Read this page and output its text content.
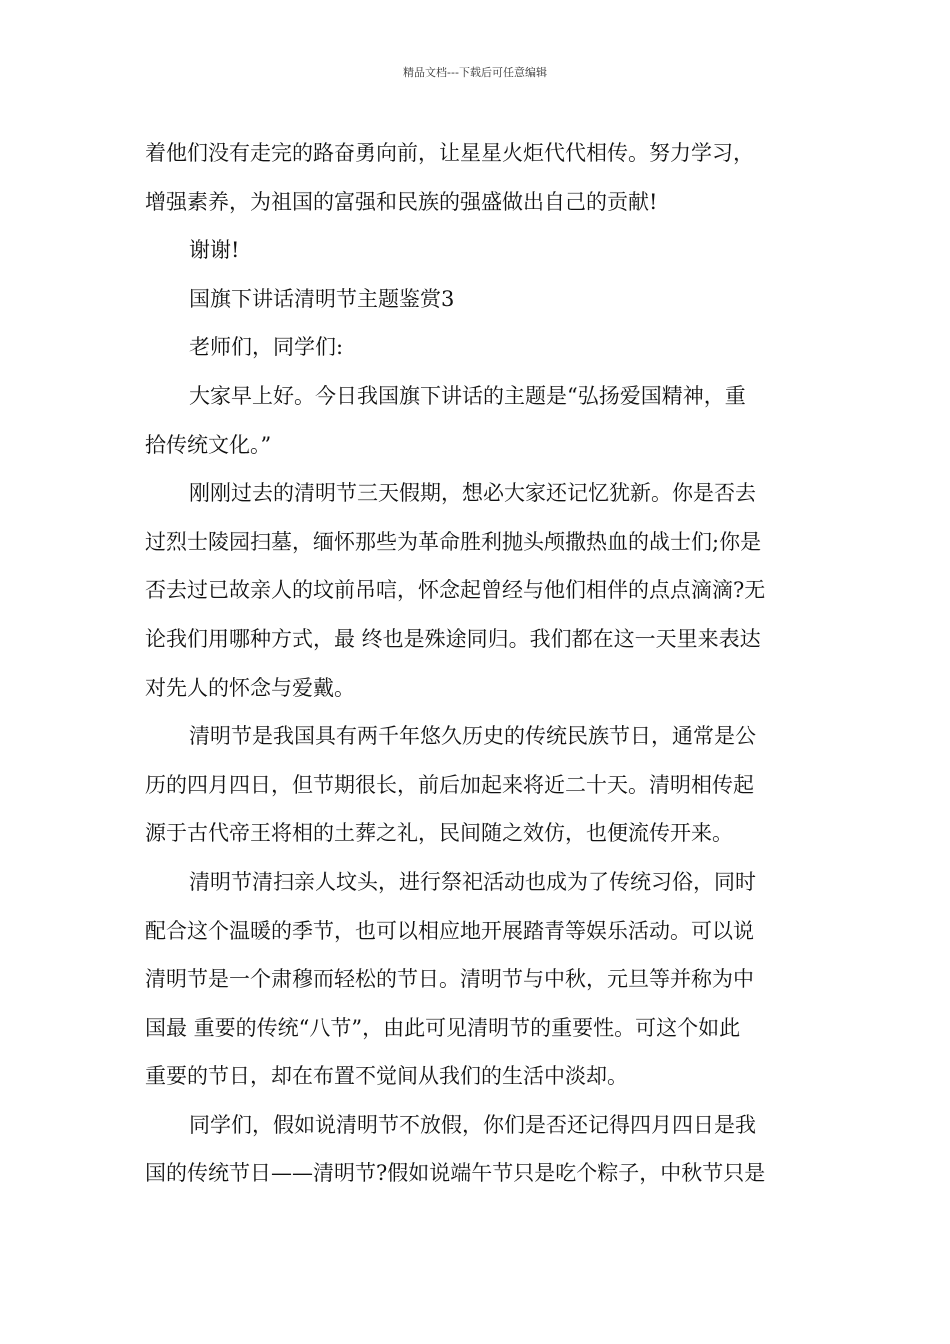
精品文档---下载后可任意编辑
着他们没有走完的路奋勇向前，让星星火炬代代相传。努力学习，
增强素养，为祖国的富强和民族的强盛做出自己的贡献!
谢谢!
国旗下讲话清明节主题鉴赏3
老师们，同学们:
大家早上好。今日我国旗下讲话的主题是“弘扬爱国精神，重
拾传统文化。”
刚刚过去的清明节三天假期，想必大家还记忆犹新。你是否去
过烈士陵园扫墓，缅怀那些为革命胜利抛头颅撒热血的战士们;你是
否去过已故亲人的坟前吊唁，怀念起曾经与他们相伴的点点滴滴?无
论我们用哪种方式，最 终也是殊途同归。我们都在这一天里来表达
对先人的怀念与爱戴。
清明节是我国具有两千年悠久历史的传统民族节日，通常是公
历的四月四日，但节期很长，前后加起来将近二十天。清明相传起
源于古代帝王将相的土葬之礼，民间随之效仿，也便流传开来。
清明节清扫亲人坟头，进行祭祀活动也成为了传统习俗，同时
配合这个温暖的季节，也可以相应地开展踏青等娱乐活动。可以说
清明节是一个肃穆而轻松的节日。清明节与中秋，元旦等并称为中
国最 重要的传统“八节”，由此可见清明节的重要性。可这个如此
重要的节日，却在布置不觉间从我们的生活中淡却。
同学们，假如说清明节不放假，你们是否还记得四月四日是我
国的传统节日——清明节?假如说端午节只是吃个粽子，中秋节只是
